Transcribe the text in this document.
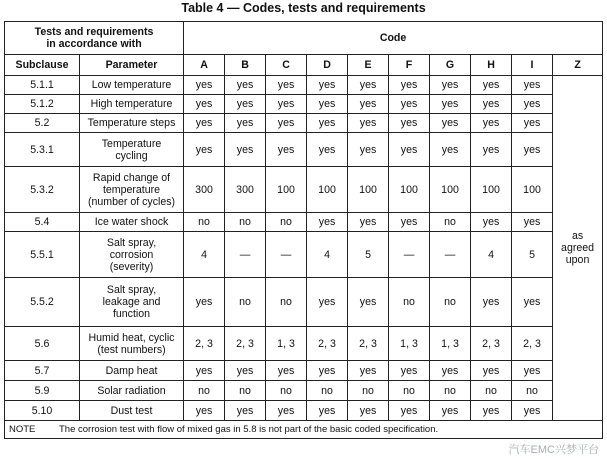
Table 4 — Codes, tests and requirements
Tests and requirements
in accordance with		Code									
Subclause	Parameter	A	B	C	D	E	F	G	H	I	Z
5.1.1	Low temperature	yes	yes	yes	yes	yes	yes	yes	yes	yes	as
agreed
upon
5.1.2	High temperature	yes	yes	yes	yes	yes	yes	yes	yes	yes	
5.2	Temperature steps	yes	yes	yes	yes	yes	yes	yes	yes	yes	
5.3.1	Temperature
cycling	yes	yes	yes	yes	yes	yes	yes	yes	yes	
5.3.2	Rapid change of
temperature
(number of cycles)	300	300	100	100	100	100	100	100	100	
5.4	Ice water shock	no	no	no	yes	yes	yes	no	yes	yes	
5.5.1	Salt spray,
corrosion
(severity)	4	—	—	4	5	—	—	4	5	
5.5.2	Salt spray,
leakage and
function	yes	no	no	yes	yes	no	no	yes	yes	
5.6	Humid heat, cyclic
(test numbers)	2, 3	2, 3	1, 3	2, 3	2, 3	1, 3	1, 3	2, 3	2, 3	
5.7	Damp heat	yes	yes	yes	yes	yes	yes	yes	yes	yes	
5.9	Solar radiation	no	no	no	no	no	no	no	no	no	
5.10	Dust test	yes	yes	yes	yes	yes	yes	yes	yes	yes	
NOTE The corrosion test with flow of mixed gas in 5.8 is not part of the basic coded specification.											
汽车EMC兴梦平台
